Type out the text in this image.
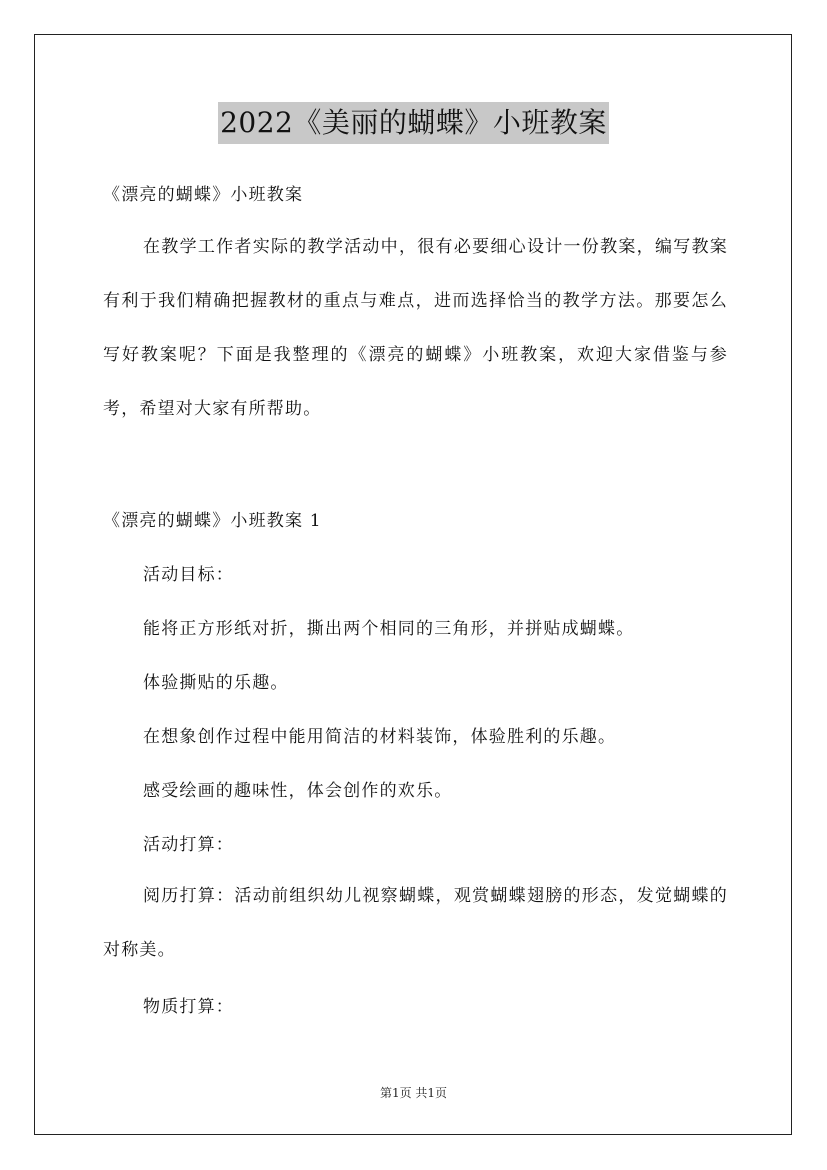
2022《美丽的蝴蝶》小班教案
《漂亮的蝴蝶》小班教案

在教学工作者实际的教学活动中，很有必要细心设计一份教案，编写教案有利于我们精确把握教材的重点与难点，进而选择恰当的教学方法。那要怎么写好教案呢？下面是我整理的《漂亮的蝴蝶》小班教案，欢迎大家借鉴与参考，希望对大家有所帮助。

《漂亮的蝴蝶》小班教案 1
活动目标：
能将正方形纸对折，撕出两个相同的三角形，并拼贴成蝴蝶。
体验撕贴的乐趣。
在想象创作过程中能用简洁的材料装饰，体验胜利的乐趣。
感受绘画的趣味性，体会创作的欢乐。
活动打算：

阅历打算：活动前组织幼儿视察蝴蝶，观赏蝴蝶翅膀的形态，发觉蝴蝶的对称美。

物质打算：
第1页 共1页
